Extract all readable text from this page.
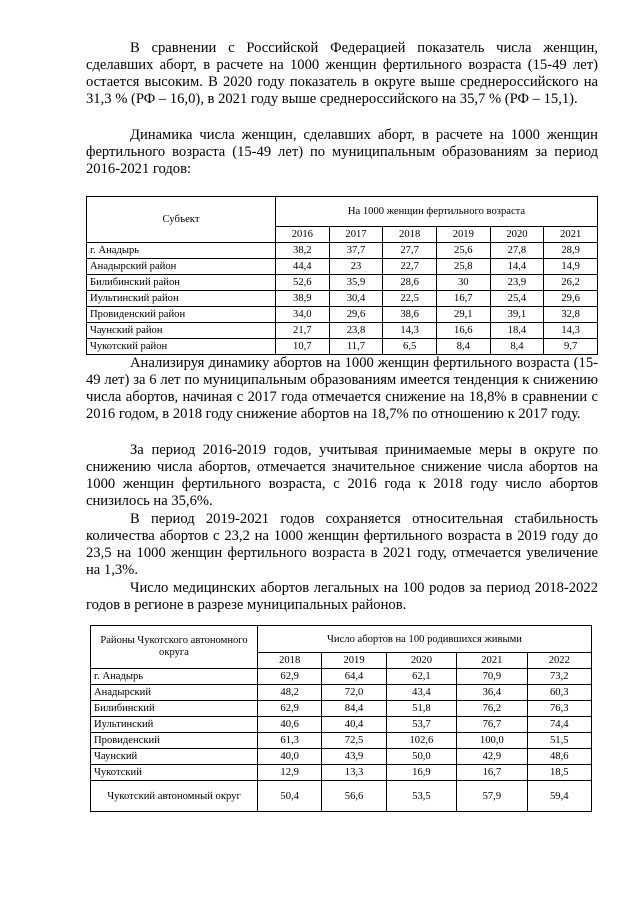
В сравнении с Российской Федерацией показатель числа женщин, сделавших аборт, в расчете на 1000 женщин фертильного возраста (15-49 лет) остается высоким. В 2020 году показатель в округе выше среднероссийского на 31,3 % (РФ – 16,0), в 2021 году выше среднероссийского на 35,7 % (РФ – 15,1).

Динамика числа женщин, сделавших аборт, в расчете на 1000 женщин фертильного возраста (15-49 лет) по муниципальным образованиям за период 2016-2021 годов:

Субъект	На 1000 женщин фертильного возраста					
	2016	2017	2018	2019	2020	2021
г. Анадырь	38,2	37,7	27,7	25,6	27,8	28,9
Анадырский район	44,4	23	22,7	25,8	14,4	14,9
Билибинский район	52,6	35,9	28,6	30	23,9	26,2
Иультинский район	38,9	30,4	22,5	16,7	25,4	29,6
Провиденский район	34,0	29,6	38,6	29,1	39,1	32,8
Чаунский район	21,7	23,8	14,3	16,6	18,4	14,3
Чукотский район	10,7	11,7	6,5	8,4	8,4	9,7

Анализируя динамику абортов на 1000 женщин фертильного возраста (15-49 лет) за 6 лет по муниципальным образованиям имеется тенденция к снижению числа абортов, начиная с 2017 года отмечается снижение на 18,8% в сравнении с 2016 годом, в 2018 году снижение абортов на 18,7% по отношению к 2017 году.

За период 2016-2019 годов, учитывая принимаемые меры в округе по снижению числа абортов, отмечается значительное снижение числа абортов на 1000 женщин фертильного возраста, с 2016 года к 2018 году число абортов снизилось на 35,6%.

В период 2019-2021 годов сохраняется относительная стабильность количества абортов с 23,2 на 1000 женщин фертильного возраста в 2019 году до 23,5 на 1000 женщин фертильного возраста в 2021 году, отмечается увеличение на 1,3%.

Число медицинских абортов легальных на 100 родов за период 2018-2022 годов в регионе в разрезе муниципальных районов.

Районы Чукотского автономного округа	Число абортов на 100 родившихся живыми				
	2018	2019	2020	2021	2022
г. Анадырь	62,9	64,4	62,1	70,9	73,2
Анадырский	48,2	72,0	43,4	36,4	60,3
Билибинский	62,9	84,4	51,8	76,2	76,3
Иультинский	40,6	40,4	53,7	76,7	74,4
Провиденский	61,3	72,5	102,6	100,0	51,5
Чаунский	40,0	43,9	50,0	42,9	48,6
Чукотский	12,9	13,3	16,9	16,7	18,5
Чукотский автономный округ	50,4	56,6	53,5	57,9	59,4
